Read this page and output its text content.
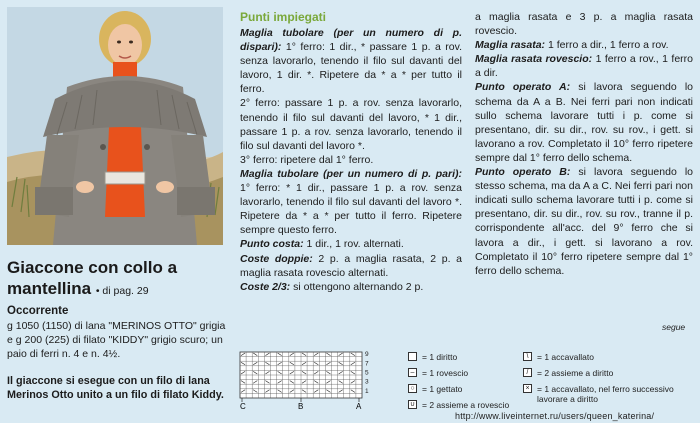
Giaccone con collo a mantellina • di pag. 29
Occorrente
g 1050 (1150) di lana "MERINOS OTTO" grigia e g 200 (225) di filato "KIDDY" grigio scuro; un paio di ferri n. 4 e n. 4½.
Il giaccone si esegue con un filo di lana Merinos Otto unito a un filo di filato Kiddy.
Punti impiegati

Maglia tubolare (per un numero di p. dispari): 1° ferro: 1 dir., * passare 1 p. a rov. senza lavorarlo, tenendo il filo sul davanti del lavoro, 1 dir. *. Ripetere da * a * per tutto il ferro.

2° ferro: passare 1 p. a rov. senza lavorarlo, tenendo il filo sul davanti del lavoro, * 1 dir., passare 1 p. a rov. senza lavorarlo, tenendo il filo sul davanti del lavoro *.

3° ferro: ripetere dal 1° ferro.

Maglia tubolare (per un numero di p. pari): 1° ferro: * 1 dir., passare 1 p. a rov. senza lavorarlo, tenendo il filo sul davanti del lavoro *. Ripetere da * a * per tutto il ferro. Ripetere sempre questo ferro.

Punto costa: 1 dir., 1 rov. alternati.

Coste doppie: 2 p. a maglia rasata, 2 p. a maglia rasata rovescio alternati.

Coste 2/3: si ottengono alternando 2 p.

a maglia rasata e 3 p. a maglia rasata rovescio.

Maglia rasata: 1 ferro a dir., 1 ferro a rov.

Maglia rasata rovescio: 1 ferro a rov., 1 ferro a dir.

Punto operato A: si lavora seguendo lo schema da A a B. Nei ferri pari non indicati sullo schema lavorare tutti i p. come si presentano, dir. su dir., rov. su rov., i gett. si lavorano a rov. Completato il 10° ferro ripetere sempre dal 1° ferro dello schema.

Punto operato B: si lavora seguendo lo stesso schema, ma da A a C. Nei ferri pari non indicati sullo schema lavorare tutti i p. come si presentano, dir. su dir., rov. su rov., tranne il p. corrispondente all'acc. del 9° ferro che si lavora a dir., i gett. si lavorano a rov. Completato il 10° ferro ripetere sempre dal 1° ferro dello schema.

segue
9
7
5
3
1
C	B	A
= 1 diritto
– = 1 rovescio
○ = 1 gettato
∪ = 2 assieme a rovescio
\	= 1 accavallato
/	= 2 assieme a diritto
× = 1 accavallato, nel ferro successivo lavorare a diritto
http://www.liveinternet.ru/users/queen_katerina/
